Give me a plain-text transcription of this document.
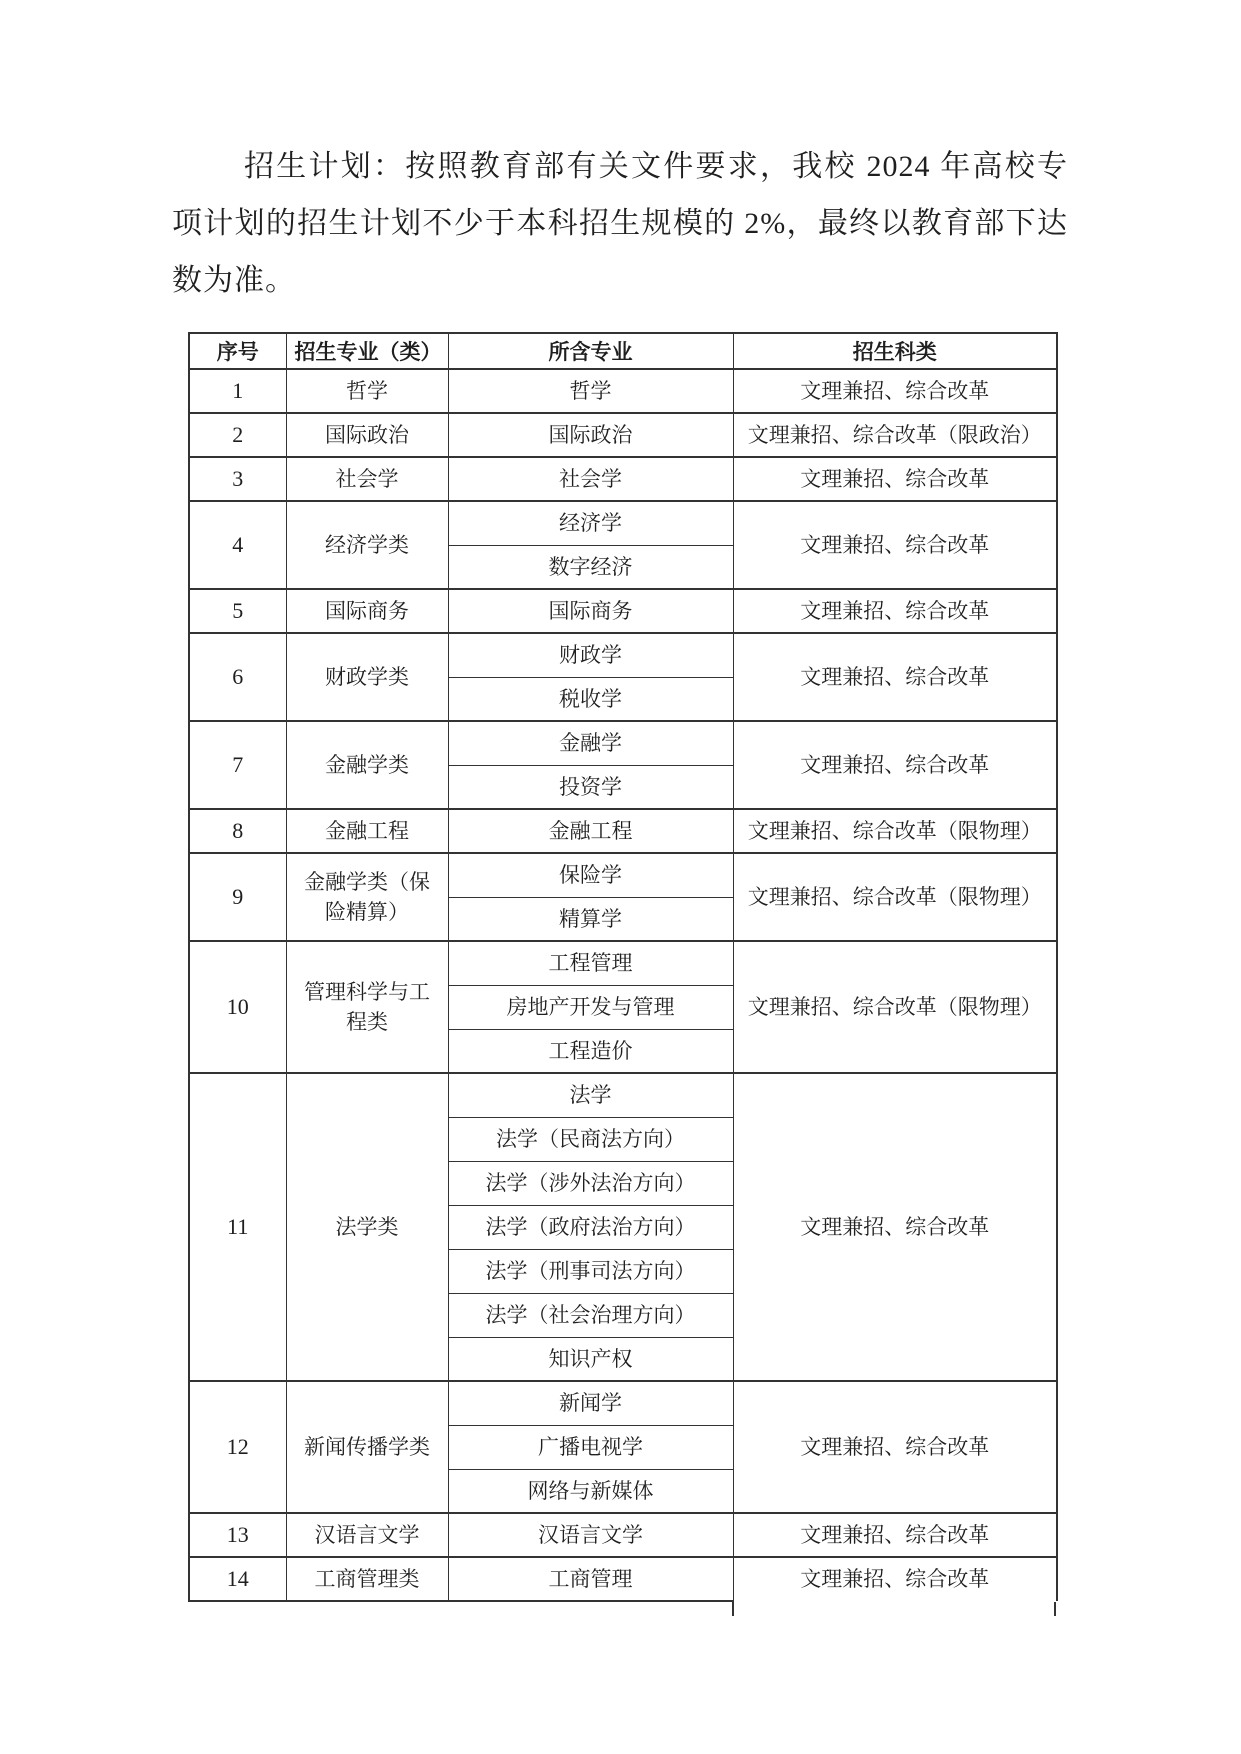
招生计划：按照教育部有关文件要求，我校 2024 年高校专项计划的招生计划不少于本科招生规模的 2%，最终以教育部下达数为准。

序号	招生专业（类）	所含专业	招生科类
1	哲学	哲学	文理兼招、综合改革
2	国际政治	国际政治	文理兼招、综合改革（限政治）
3	社会学	社会学	文理兼招、综合改革
4	经济学类	经济学	文理兼招、综合改革
		数字经济	
5	国际商务	国际商务	文理兼招、综合改革
6	财政学类	财政学	文理兼招、综合改革
		税收学	
7	金融学类	金融学	文理兼招、综合改革
		投资学	
8	金融工程	金融工程	文理兼招、综合改革（限物理）
9	金融学类（保险精算）	保险学	文理兼招、综合改革（限物理）
		精算学	
10	管理科学与工程类	工程管理	文理兼招、综合改革（限物理）
		房地产开发与管理	
		工程造价	
11	法学类	法学	文理兼招、综合改革
		法学（民商法方向）	
		法学（涉外法治方向）	
		法学（政府法治方向）	
		法学（刑事司法方向）	
		法学（社会治理方向）	
		知识产权	
12	新闻传播学类	新闻学	文理兼招、综合改革
		广播电视学	
		网络与新媒体	
13	汉语言文学	汉语言文学	文理兼招、综合改革
14	工商管理类	工商管理	文理兼招、综合改革
